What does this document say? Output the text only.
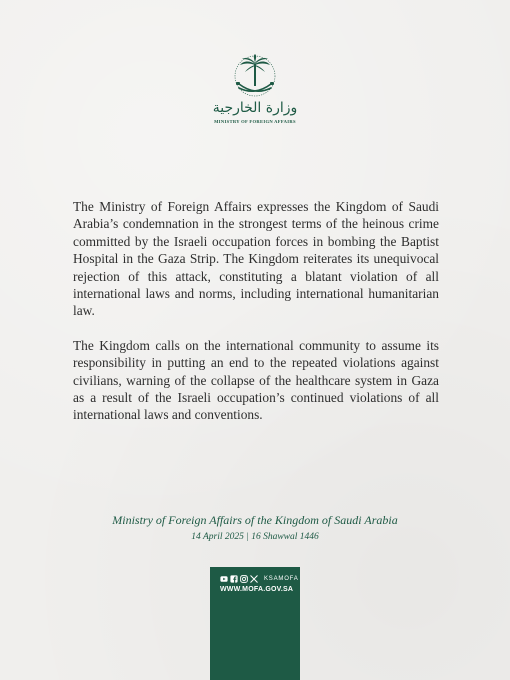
وزارة الخارجية
MINISTRY OF FOREIGN AFFAIRS

The Ministry of Foreign Affairs expresses the Kingdom of Saudi Arabia’s condemnation in the strongest terms of the heinous crime committed by the Israeli occupation forces in bombing the Baptist Hospital in the Gaza Strip. The Kingdom reiterates its unequivocal rejection of this attack, constituting a blatant violation of all international laws and norms, including international humanitarian law.

The Kingdom calls on the international community to assume its responsibility in putting an end to the repeated violations against civilians, warning of the collapse of the healthcare system in Gaza as a result of the Israeli occupation’s continued violations of all international laws and conventions.

Ministry of Foreign Affairs of the Kingdom of Saudi Arabia
14 April 2025 | 16 Shawwal 1446
KSAMOFA
WWW.MOFA.GOV.SA
